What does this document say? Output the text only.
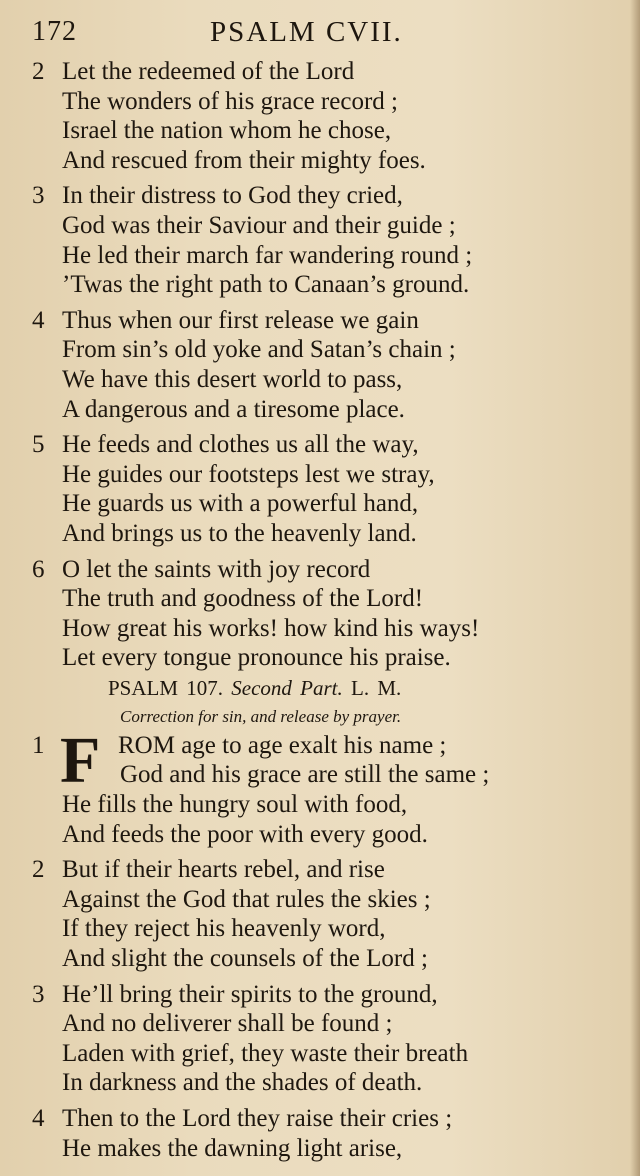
172	PSALM CVII.
2 Let the redeemed of the Lord
The wonders of his grace record ;
Israel the nation whom he chose,
And rescued from their mighty foes.
3 In their distress to God they cried,
God was their Saviour and their guide ;
He led their march far wandering round ;
’Twas the right path to Canaan’s ground.
4 Thus when our first release we gain
From sin’s old yoke and Satan’s chain ;
We have this desert world to pass,
A dangerous and a tiresome place.
5 He feeds and clothes us all the way,
He guides our footsteps lest we stray,
He guards us with a powerful hand,
And brings us to the heavenly land.
6 O let the saints with joy record
The truth and goodness of the Lord!
How great his works! how kind his ways!
Let every tongue pronounce his praise.
PSALM 107. Second Part. L. M.
Correction for sin, and release by prayer.
1 F ROM age to age exalt his name ;
God and his grace are still the same ;
He fills the hungry soul with food,
And feeds the poor with every good.
2 But if their hearts rebel, and rise
Against the God that rules the skies ;
If they reject his heavenly word,
And slight the counsels of the Lord ;
3 He’ll bring their spirits to the ground,
And no deliverer shall be found ;
Laden with grief, they waste their breath
In darkness and the shades of death.
4 Then to the Lord they raise their cries ;
He makes the dawning light arise,
